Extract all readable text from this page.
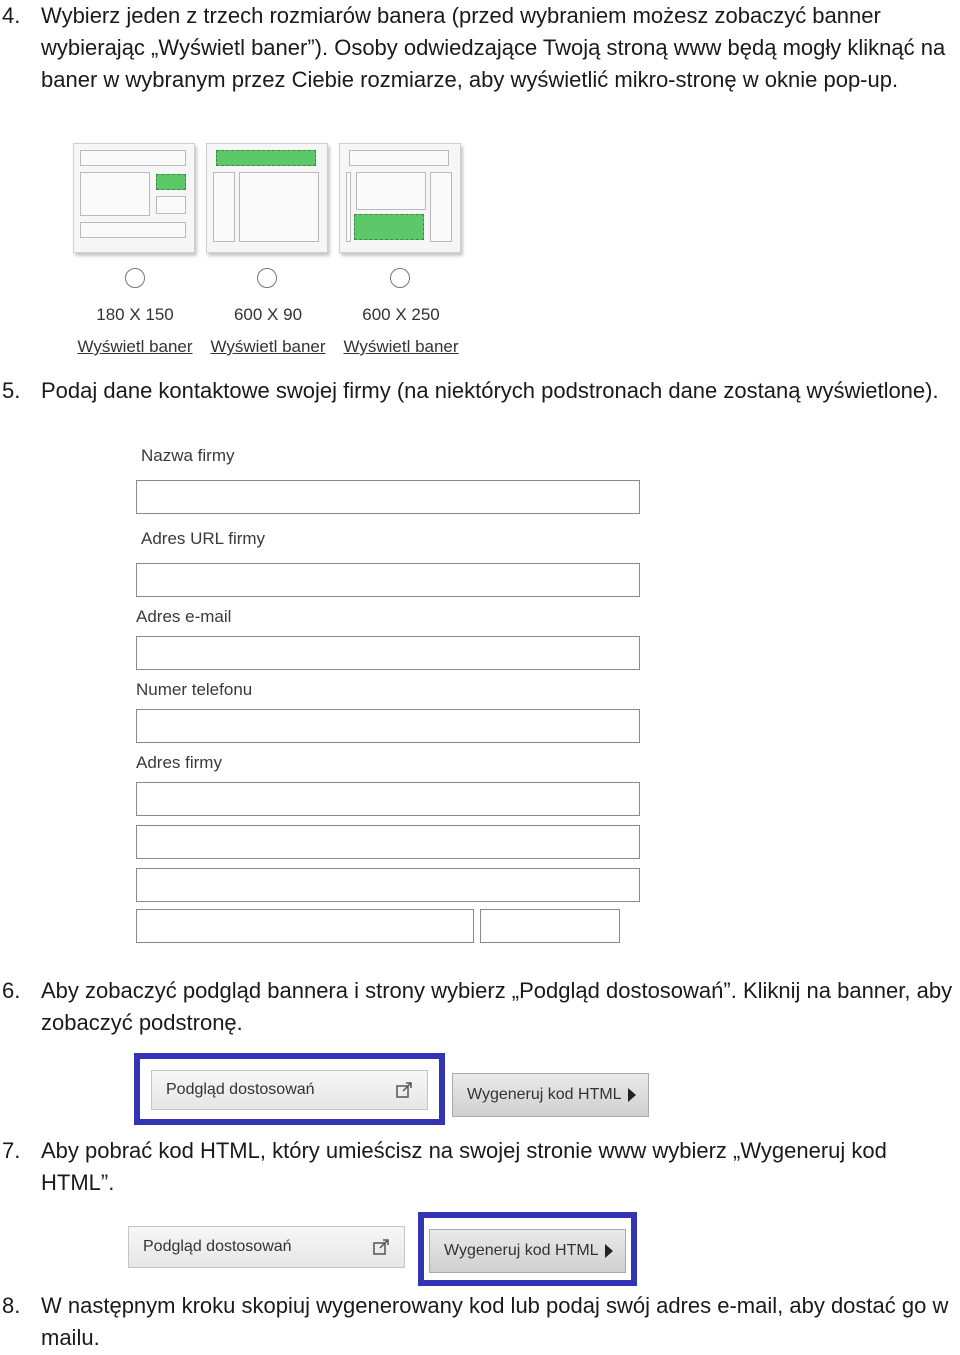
4. Wybierz jeden z trzech rozmiarów banera (przed wybraniem możesz zobaczyć banner wybierając „Wyświetl baner”). Osoby odwiedzające Twoją stroną www będą mogły kliknąć na baner w wybranym przez Ciebie rozmiarze, aby wyświetlić mikro-stronę w oknie pop-up.
180 X 150	600 X 90	600 X 250
Wyświetl baner	Wyświetl baner	Wyświetl baner
5. Podaj dane kontaktowe swojej firmy (na niektórych podstronach dane zostaną wyświetlone).
Nazwa firmy
Adres URL firmy
Adres e-mail
Numer telefonu
Adres firmy
6. Aby zobaczyć podgląd bannera i strony wybierz „Podgląd dostosowań”. Kliknij na banner, aby zobaczyć podstronę.
Podgląd dostosowań	Wygeneruj kod HTML
7. Aby pobrać kod HTML, który umieścisz na swojej stronie www wybierz „Wygeneruj kod HTML”.
Podgląd dostosowań	Wygeneruj kod HTML
8. W następnym kroku skopiuj wygenerowany kod lub podaj swój adres e-mail, aby dostać go w mailu.
